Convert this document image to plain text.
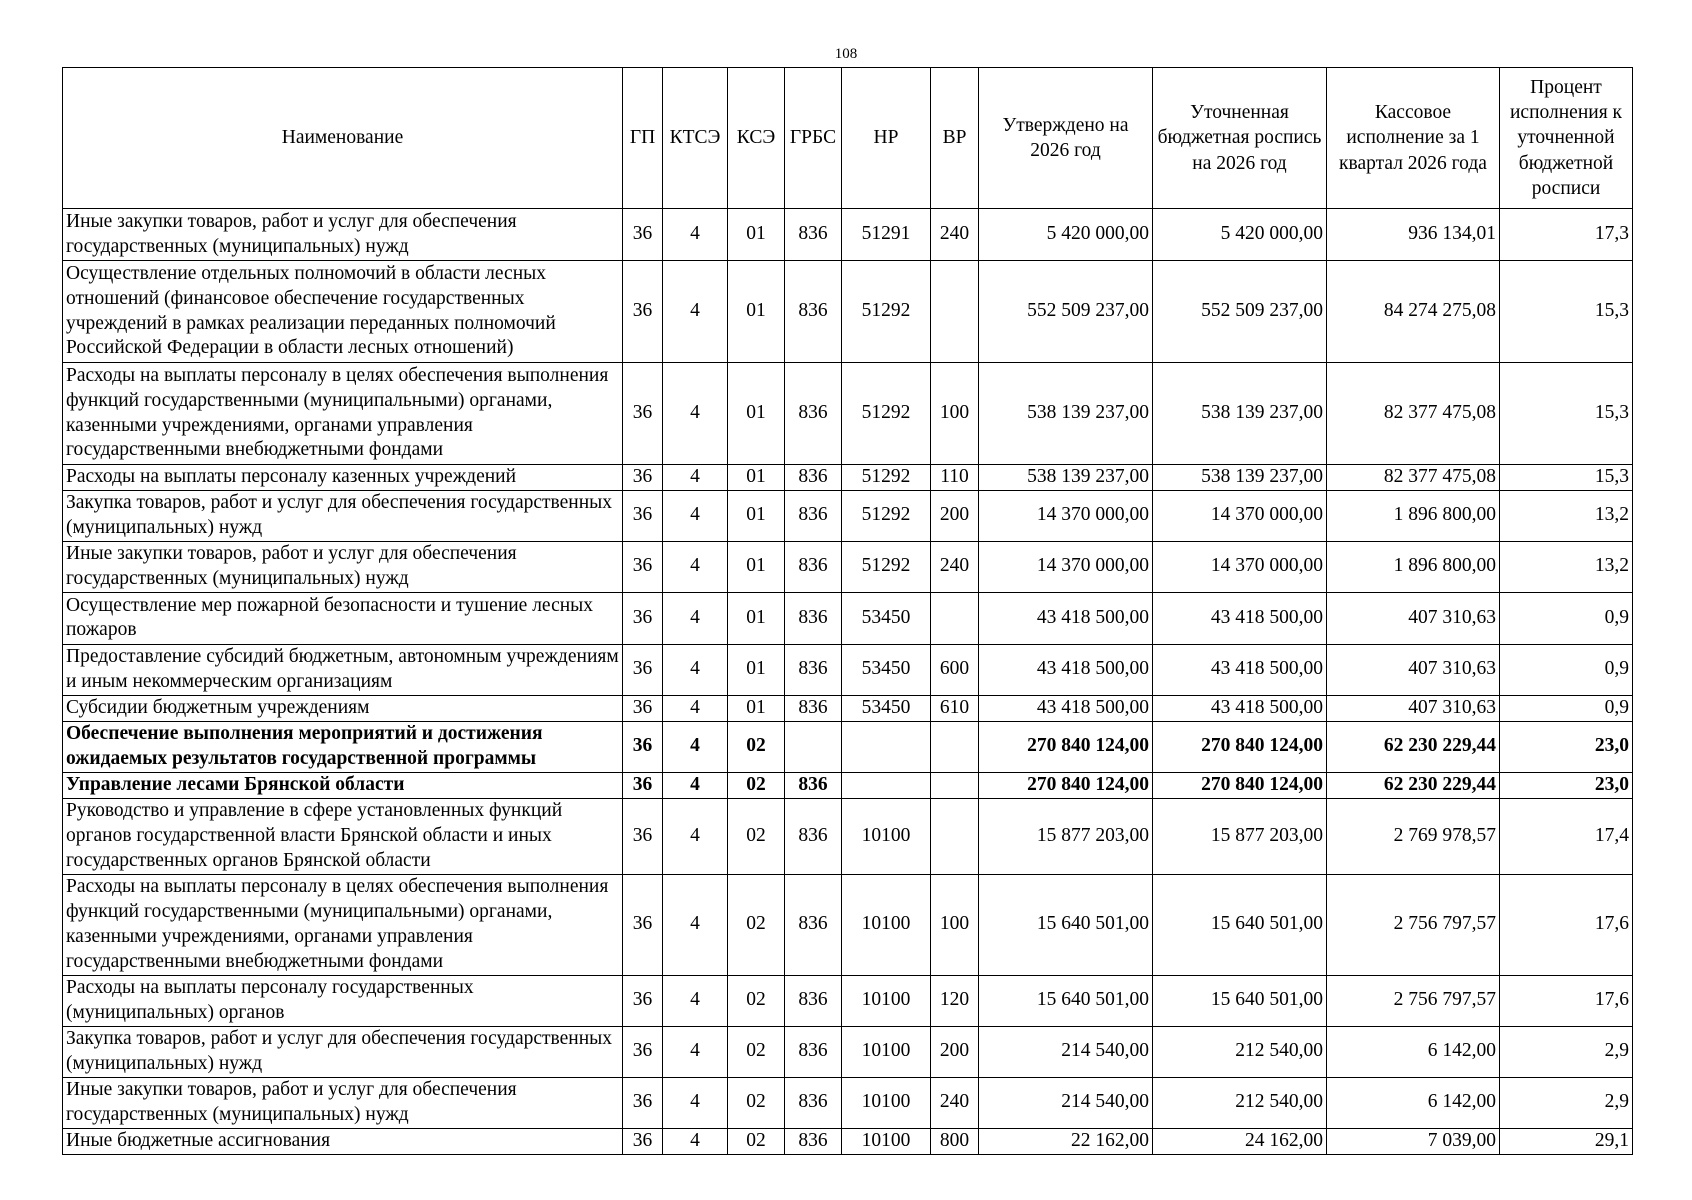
108
Наименование	ГП	КТСЭ	КСЭ	ГРБС	НР	ВР	Утверждено на 2026 год	Уточненная бюджетная роспись на 2026 год	Кассовое исполнение за 1 квартал 2026 года	Процент исполнения к уточненной бюджетной росписи
Иные закупки товаров, работ и услуг для обеспечения государственных (муниципальных) нужд	36	4	01	836	51291	240	5 420 000,00	5 420 000,00	936 134,01	17,3
Осуществление отдельных полномочий в области лесных отношений (финансовое обеспечение государственных учреждений в рамках реализации переданных полномочий Российской Федерации в области лесных отношений)	36	4	01	836	51292		552 509 237,00	552 509 237,00	84 274 275,08	15,3
Расходы на выплаты персоналу в целях обеспечения выполнения функций государственными (муниципальными) органами, казенными учреждениями, органами управления государственными внебюджетными фондами	36	4	01	836	51292	100	538 139 237,00	538 139 237,00	82 377 475,08	15,3
Расходы на выплаты персоналу казенных учреждений	36	4	01	836	51292	110	538 139 237,00	538 139 237,00	82 377 475,08	15,3
Закупка товаров, работ и услуг для обеспечения государственных (муниципальных) нужд	36	4	01	836	51292	200	14 370 000,00	14 370 000,00	1 896 800,00	13,2
Иные закупки товаров, работ и услуг для обеспечения государственных (муниципальных) нужд	36	4	01	836	51292	240	14 370 000,00	14 370 000,00	1 896 800,00	13,2
Осуществление мер пожарной безопасности и тушение лесных пожаров	36	4	01	836	53450		43 418 500,00	43 418 500,00	407 310,63	0,9
Предоставление субсидий бюджетным, автономным учреждениям и иным некоммерческим организациям	36	4	01	836	53450	600	43 418 500,00	43 418 500,00	407 310,63	0,9
Субсидии бюджетным учреждениям	36	4	01	836	53450	610	43 418 500,00	43 418 500,00	407 310,63	0,9
Обеспечение выполнения мероприятий и достижения ожидаемых результатов государственной программы	36	4	02				270 840 124,00	270 840 124,00	62 230 229,44	23,0
Управление лесами Брянской области	36	4	02	836			270 840 124,00	270 840 124,00	62 230 229,44	23,0
Руководство и управление в сфере установленных функций органов государственной власти Брянской области и иных государственных органов Брянской области	36	4	02	836	10100		15 877 203,00	15 877 203,00	2 769 978,57	17,4
Расходы на выплаты персоналу в целях обеспечения выполнения функций государственными (муниципальными) органами, казенными учреждениями, органами управления государственными внебюджетными фондами	36	4	02	836	10100	100	15 640 501,00	15 640 501,00	2 756 797,57	17,6
Расходы на выплаты персоналу государственных (муниципальных) органов	36	4	02	836	10100	120	15 640 501,00	15 640 501,00	2 756 797,57	17,6
Закупка товаров, работ и услуг для обеспечения государственных (муниципальных) нужд	36	4	02	836	10100	200	214 540,00	212 540,00	6 142,00	2,9
Иные закупки товаров, работ и услуг для обеспечения государственных (муниципальных) нужд	36	4	02	836	10100	240	214 540,00	212 540,00	6 142,00	2,9
Иные бюджетные ассигнования	36	4	02	836	10100	800	22 162,00	24 162,00	7 039,00	29,1
